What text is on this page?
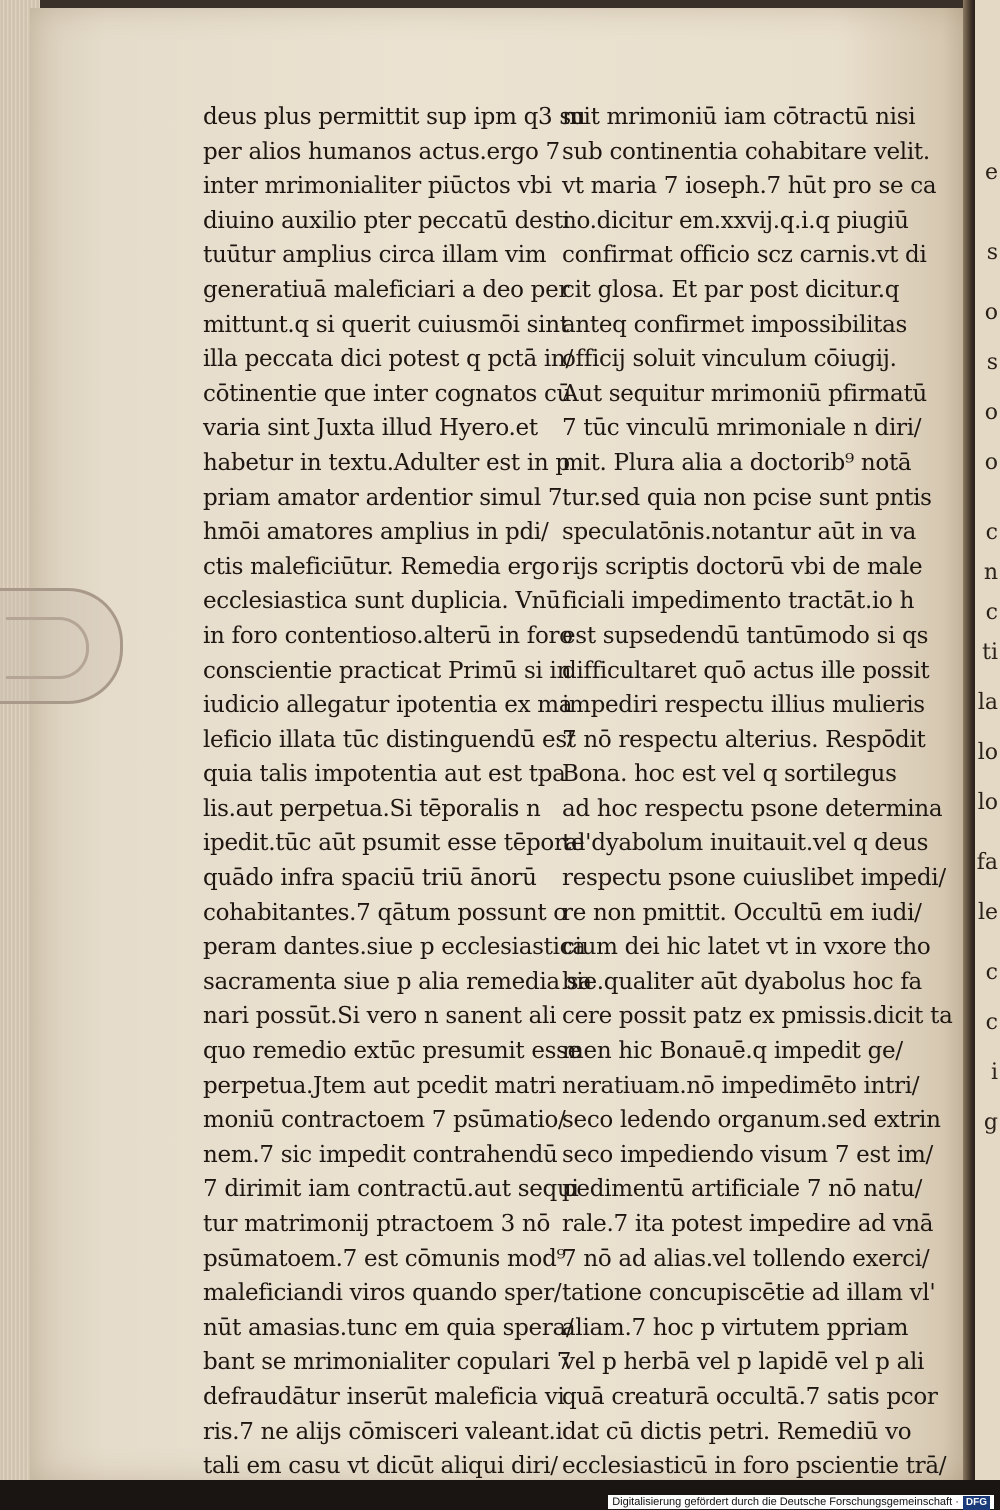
deus plus permittit sup ipm q3 su
per alios humanos actus.ergo 7
inter mrimonialiter piūctos vbi
diuino auxilio pter peccatū desti
tuūtur amplius circa illam vim
generatiuā maleficiari a deo per
mittunt.q si querit cuiusmōi sint
illa peccata dici potest q pctā in/
cōtinentie que inter cognatos cū
varia sint Juxta illud Hyero.et
habetur in textu.Adulter est in p
priam amator ardentior simul 7
hmōi amatores amplius in pdi/
ctis maleficiūtur. Remedia ergo
ecclesiastica sunt duplicia. Vnū
in foro contentioso.alterū in foro
conscientie practicat Primū si in
iudicio allegatur ipotentia ex ma
leficio illata tūc distinguendū est
quia talis impotentia aut est tpa
lis.aut perpetua.Si tēporalis n
ipedit.tūc aūt psumit esse tēporal'
quādo infra spaciū triū ānorū
cohabitantes.7 qātum possunt o
peram dantes.siue p ecclesiastica
sacramenta siue p alia remedia sa
nari possūt.Si vero n sanent ali
quo remedio extūc presumit esse
perpetua.Jtem aut pcedit matri
moniū contractoem 7 psūmatio/
nem.7 sic impedit contrahendū
7 dirimit iam contractū.aut sequi
tur matrimonij ptractoem 3 nō
psūmatoem.7 est cōmunis mod⁹
maleficiandi viros quando sper/
nūt amasias.tunc em quia spera/
bant se mrimonialiter copulari 7
defraudātur inserūt maleficia vi
ris.7 ne alijs cōmisceri valeant.i
tali em casu vt dicūt aliqui diri/
mit mrimoniū iam cōtractū nisi
sub continentia cohabitare velit.
vt maria 7 ioseph.7 hūt pro se ca
no.dicitur em.xxvij.q.i.q piugiū
confirmat officio scz carnis.vt di
cit glosa. Et par post dicitur.q
anteq confirmet impossibilitas
officij soluit vinculum cōiugij.
Aut sequitur mrimoniū pfirmatū
7 tūc vinculū mrimoniale n diri/
mit. Plura alia a doctorib⁹ notā
tur.sed quia non pcise sunt pntis
speculatōnis.notantur aūt in va
rijs scriptis doctorū vbi de male
ficiali impedimento tractāt.io h
est supsedendū tantūmodo si qs
difficultaret quō actus ille possit
impediri respectu illius mulieris
7 nō respectu alterius. Respōdit
Bona. hoc est vel q sortilegus
ad hoc respectu psone determina
te dyabolum inuitauit.vel q deus
respectu psone cuiuslibet impedi/
re non pmittit. Occultū em iudi/
cium dei hic latet vt in vxore tho
bie.qualiter aūt dyabolus hoc fa
cere possit patz ex pmissis.dicit ta
men hic Bonauē.q impedit ge/
neratiuam.nō impedimēto intri/
seco ledendo organum.sed extrin
seco impediendo visum 7 est im/
pedimentū artificiale 7 nō natu/
rale.7 ita potest impedire ad vnā
7 nō ad alias.vel tollendo exerci/
tatione concupiscētie ad illam vl'
aliam.7 hoc p virtutem ppriam
vel p herbā vel p lapidē vel p ali
quā creaturā occultā.7 satis pcor
dat cū dictis petri. Remediū vo
ecclesiasticū in foro pscientie trā/
e
s
o
s
o
o
c
n
c
ti
la
lo
lo
fa
le
c
c
i
g
Digitalisierung gefördert durch die Deutsche Forschungsgemeinschaft · DFG
